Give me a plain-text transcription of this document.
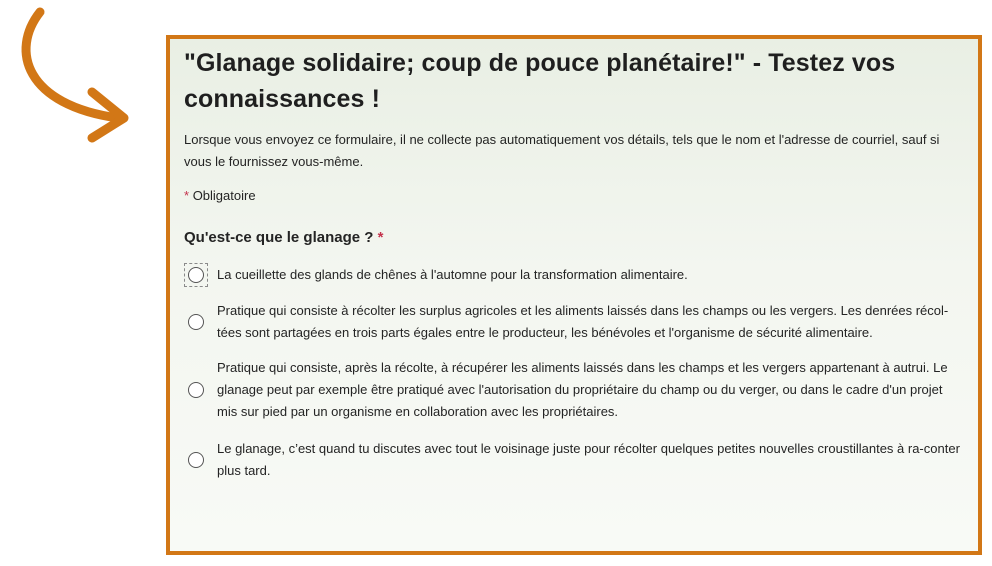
"Glanage solidaire; coup de pouce planétaire!" - Testez vos connaissances !
Lorsque vous envoyez ce formulaire, il ne collecte pas automatiquement vos détails, tels que le nom et l'adresse de courriel, sauf si vous le fournissez vous-même.
* Obligatoire
Qu'est-ce que le glanage ? *
La cueillette des glands de chênes à l'automne pour la transformation alimentaire.
Pratique qui consiste à récolter les surplus agricoles et les aliments laissés dans les champs ou les vergers. Les denrées récol-tées sont partagées en trois parts égales entre le producteur, les bénévoles et l'organisme de sécurité alimentaire.
Pratique qui consiste, après la récolte, à récupérer les aliments laissés dans les champs et les vergers appartenant à autrui. Le glanage peut par exemple être pratiqué avec l'autorisation du propriétaire du champ ou du verger, ou dans le cadre d'un projet mis sur pied par un organisme en collaboration avec les propriétaires.
Le glanage, c’est quand tu discutes avec tout le voisinage juste pour récolter quelques petites nouvelles croustillantes à ra-conter plus tard.
